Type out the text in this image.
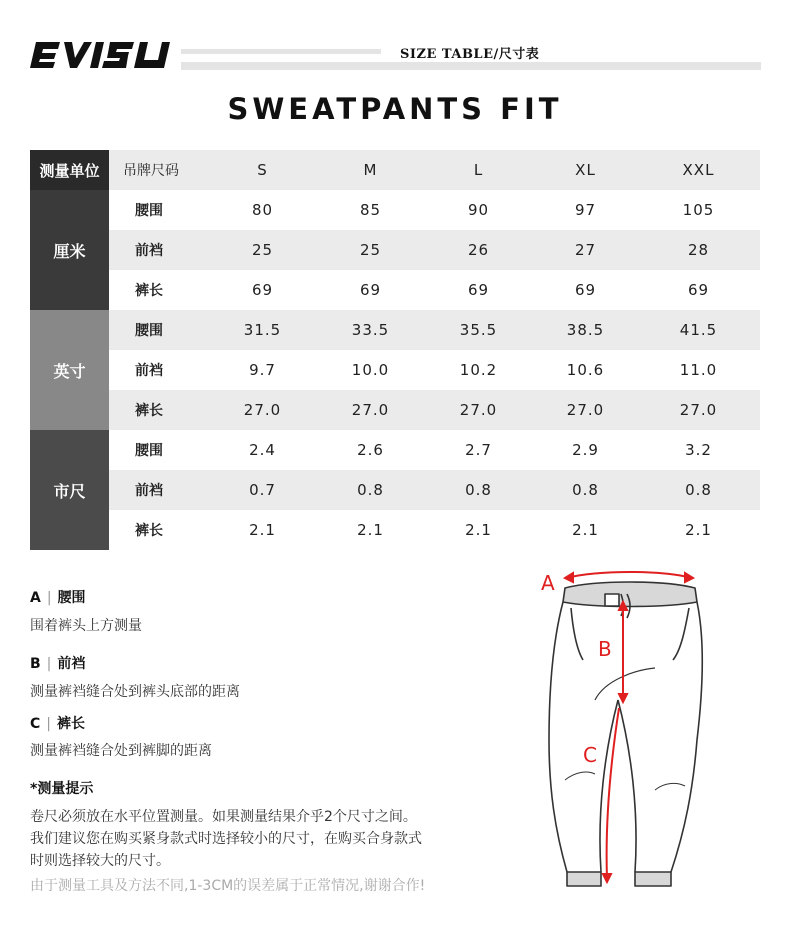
SIZE TABLE/尺寸表
SWEATPANTS FIT
测量单位	吊牌尺码	S	M	L	XL	XXL
厘米	腰围	80	85	90	97	105
	前裆	25	25	26	27	28
	裤长	69	69	69	69	69
英寸	腰围	31.5	33.5	35.5	38.5	41.5
	前裆	9.7	10.0	10.2	10.6	11.0
	裤长	27.0	27.0	27.0	27.0	27.0
市尺	腰围	2.4	2.6	2.7	2.9	3.2
	前裆	0.7	0.8	0.8	0.8	0.8
	裤长	2.1	2.1	2.1	2.1	2.1
A | 腰围
围着裤头上方测量
B | 前裆
测量裤裆缝合处到裤头底部的距离
C | 裤长
测量裤裆缝合处到裤脚的距离
*测量提示
卷尺必须放在水平位置测量。如果测量结果介乎2个尺寸之间。
我们建议您在购买紧身款式时选择较小的尺寸，在购买合身款式
时则选择较大的尺寸。
由于测量工具及方法不同,1-3CM的误差属于正常情况,谢谢合作!
A
B
C
